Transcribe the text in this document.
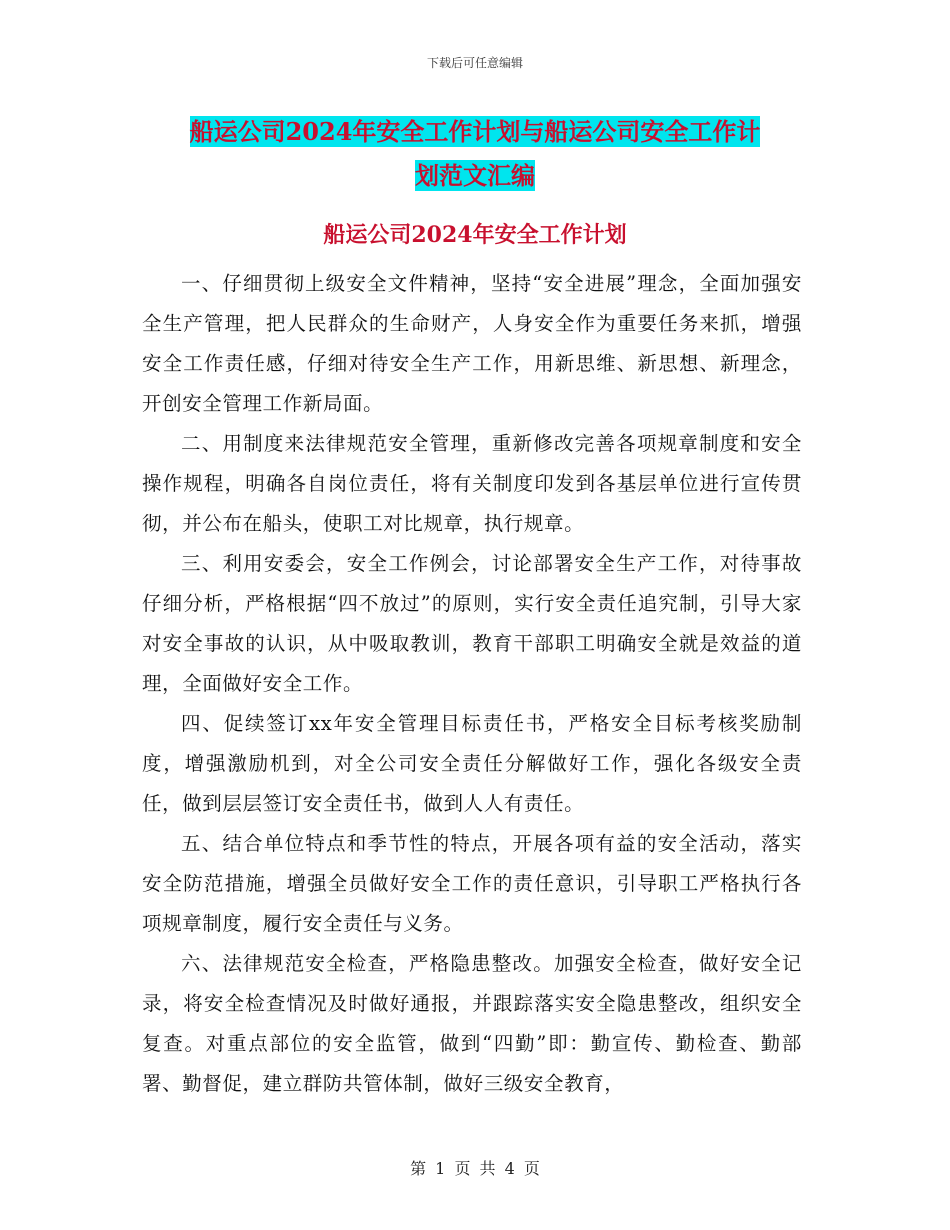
下载后可任意编辑
船运公司2024年安全工作计划与船运公司安全工作计
划范文汇编
船运公司2024年安全工作计划

一、仔细贯彻上级安全文件精神，坚持“安全进展”理念，全面加强安全生产管理，把人民群众的生命财产，人身安全作为重要任务来抓，增强安全工作责任感，仔细对待安全生产工作，用新思维、新思想、新理念，开创安全管理工作新局面。

二、用制度来法律规范安全管理，重新修改完善各项规章制度和安全操作规程，明确各自岗位责任，将有关制度印发到各基层单位进行宣传贯彻，并公布在船头，使职工对比规章，执行规章。

三、利用安委会，安全工作例会，讨论部署安全生产工作，对待事故仔细分析，严格根据“四不放过”的原则，实行安全责任追究制，引导大家对安全事故的认识，从中吸取教训，教育干部职工明确安全就是效益的道理，全面做好安全工作。

四、促续签订xx年安全管理目标责任书，严格安全目标考核奖励制度，增强激励机到，对全公司安全责任分解做好工作，强化各级安全责任，做到层层签订安全责任书，做到人人有责任。

五、结合单位特点和季节性的特点，开展各项有益的安全活动，落实安全防范措施，增强全员做好安全工作的责任意识，引导职工严格执行各项规章制度，履行安全责任与义务。

六、法律规范安全检查，严格隐患整改。加强安全检查，做好安全记录，将安全检查情况及时做好通报，并跟踪落实安全隐患整改，组织安全复查。对重点部位的安全监管，做到“四勤”即：勤宣传、勤检查、勤部署、勤督促，建立群防共管体制，做好三级安全教育，

第 1 页 共 4 页
